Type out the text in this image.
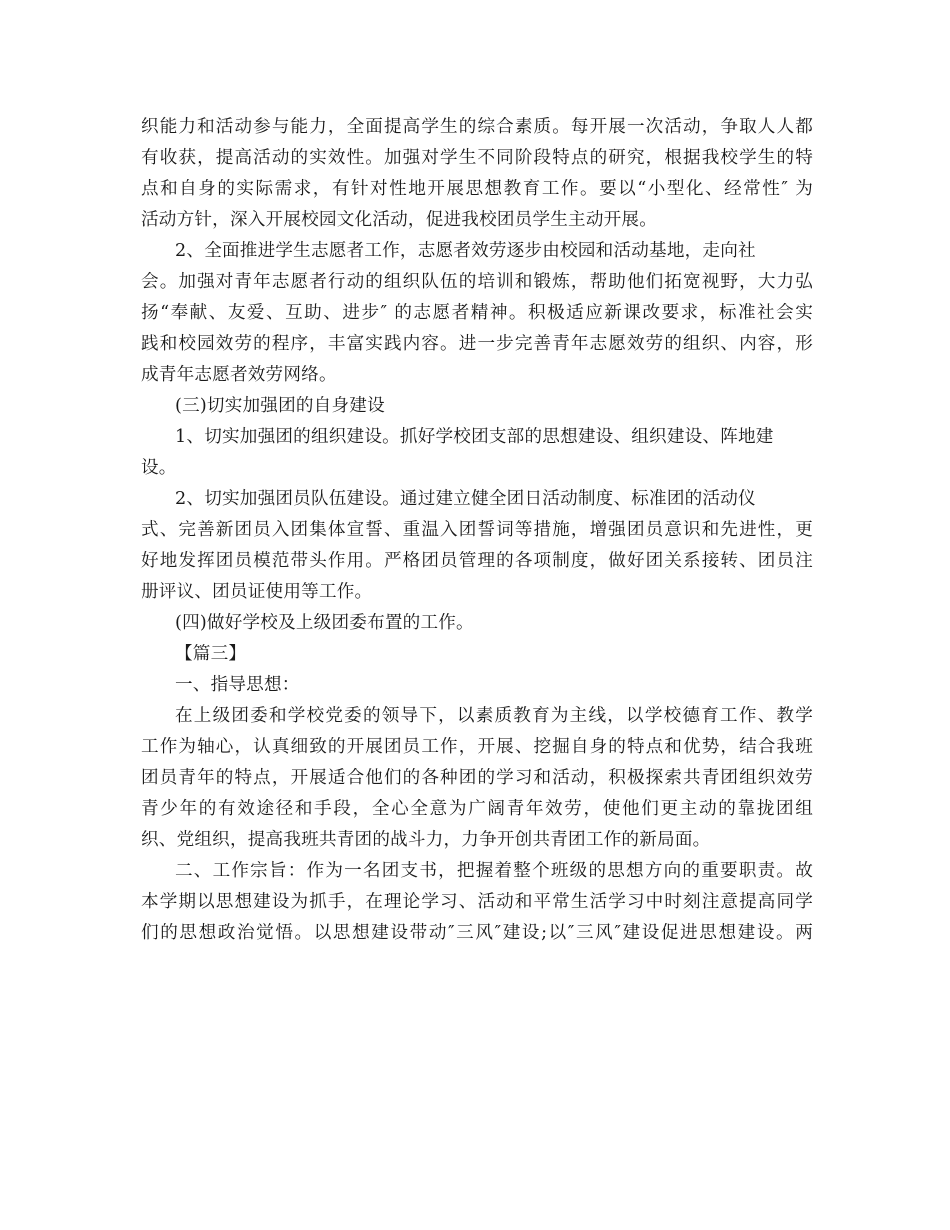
织能力和活动参与能力，全面提高学生的综合素质。每开展一次活动，争取人人都
有收获，提高活动的实效性。加强对学生不同阶段特点的研究，根据我校学生的特
点和自身的实际需求，有针对性地开展思想教育工作。要以“小型化、经常性″ 为
活动方针，深入开展校园文化活动，促进我校团员学生主动开展。
2、全面推进学生志愿者工作，志愿者效劳逐步由校园和活动基地，走向社
会。加强对青年志愿者行动的组织队伍的培训和锻炼，帮助他们拓宽视野，大力弘
扬“奉献、友爱、互助、进步″ 的志愿者精神。积极适应新课改要求，标准社会实
践和校园效劳的程序，丰富实践内容。进一步完善青年志愿效劳的组织、内容，形
成青年志愿者效劳网络。
(三)切实加强团的自身建设
1、切实加强团的组织建设。抓好学校团支部的思想建设、组织建设、阵地建
设。
2、切实加强团员队伍建设。通过建立健全团日活动制度、标准团的活动仪
式、完善新团员入团集体宣誓、重温入团誓词等措施，增强团员意识和先进性，更
好地发挥团员模范带头作用。严格团员管理的各项制度，做好团关系接转、团员注
册评议、团员证使用等工作。
(四)做好学校及上级团委布置的工作。
【篇三】
一、指导思想：
在上级团委和学校党委的领导下，以素质教育为主线，以学校德育工作、教学
工作为轴心，认真细致的开展团员工作，开展、挖掘自身的特点和优势，结合我班
团员青年的特点，开展适合他们的各种团的学习和活动，积极探索共青团组织效劳
青少年的有效途径和手段，全心全意为广阔青年效劳，使他们更主动的靠拢团组
织、党组织，提高我班共青团的战斗力，力争开创共青团工作的新局面。
二、工作宗旨：作为一名团支书，把握着整个班级的思想方向的重要职责。故
本学期以思想建设为抓手，在理论学习、活动和平常生活学习中时刻注意提高同学
们的思想政治觉悟。以思想建设带动″三风″建设;以″三风″建设促进思想建设。两
